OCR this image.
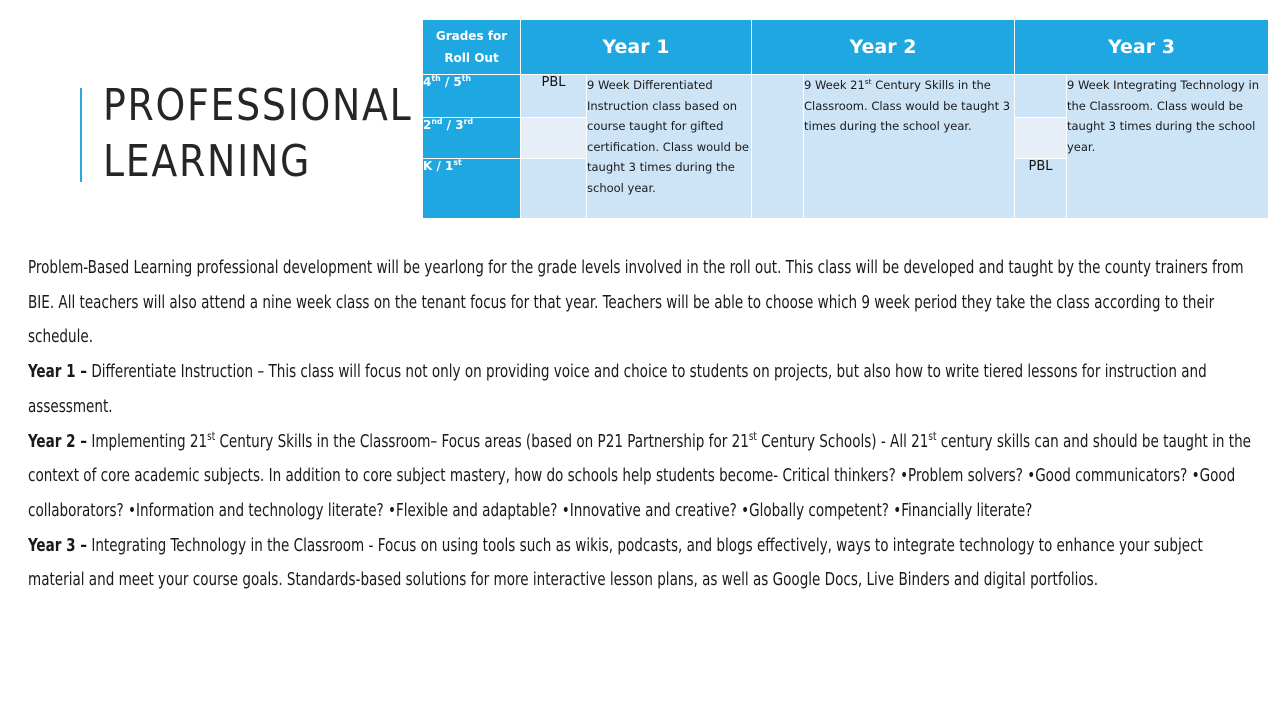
PROFESSIONAL
LEARNING
Grades for Roll Out	Year 1		Year 2		Year 3	
4th / 5th	PBL	9 Week Differentiated Instruction class based on course taught for gifted certification. Class would be taught 3 times during the school year.		9 Week 21st Century Skills in the Classroom. Class would be taught 3 times during the school year.		9 Week Integrating Technology in the Classroom. Class would be taught 3 times during the school year.
2nd / 3rd		
K / 1st					PBL	

Problem-Based Learning professional development will be yearlong for the grade levels involved in the roll out. This class will be developed and taught by the county trainers from BIE. All teachers will also attend a nine week class on the tenant focus for that year. Teachers will be able to choose which 9 week period they take the class according to their schedule.

Year 1 – Differentiate Instruction – This class will focus not only on providing voice and choice to students on projects, but also how to write tiered lessons for instruction and assessment.

Year 2 – Implementing 21st Century Skills in the Classroom– Focus areas (based on P21 Partnership for 21st Century Schools) - All 21st century skills can and should be taught in the context of core academic subjects. In addition to core subject mastery, how do schools help students become- Critical thinkers? •Problem solvers? •Good communicators? •Good collaborators? •Information and technology literate? •Flexible and adaptable? •Innovative and creative? •Globally competent? •Financially literate?

Year 3 – Integrating Technology in the Classroom - Focus on using tools such as wikis, podcasts, and blogs effectively, ways to integrate technology to enhance your subject material and meet your course goals. Standards-based solutions for more interactive lesson plans, as well as Google Docs, Live Binders and digital portfolios.
